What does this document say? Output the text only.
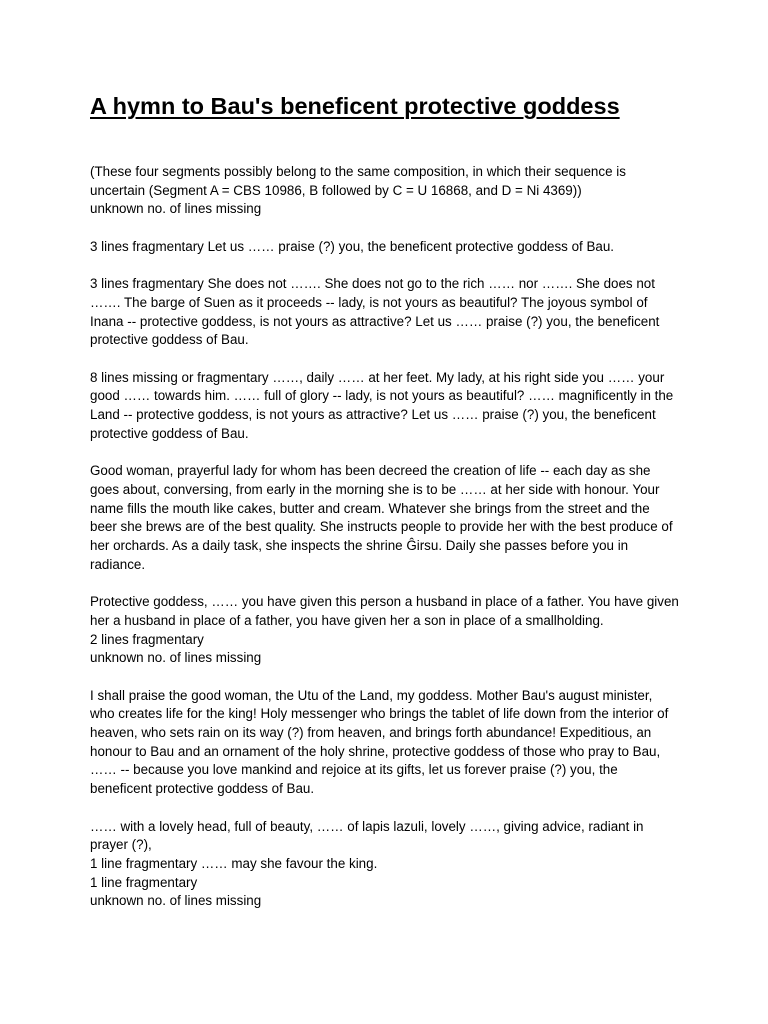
A hymn to Bau's beneficent protective goddess

(These four segments possibly belong to the same composition, in which their sequence is uncertain (Segment A = CBS 10986, B followed by C = U 16868, and D = Ni 4369))
unknown no. of lines missing

3 lines fragmentary Let us …… praise (?) you, the beneficent protective goddess of Bau.

3 lines fragmentary She does not ……. She does not go to the rich …… nor ……. She does not ……. The barge of Suen as it proceeds -- lady, is not yours as beautiful? The joyous symbol of Inana -- protective goddess, is not yours as attractive? Let us …… praise (?) you, the beneficent protective goddess of Bau.

8 lines missing or fragmentary ……, daily …… at her feet. My lady, at his right side you …… your good …… towards him. …… full of glory -- lady, is not yours as beautiful? …… magnificently in the Land -- protective goddess, is not yours as attractive? Let us …… praise (?) you, the beneficent protective goddess of Bau.

Good woman, prayerful lady for whom has been decreed the creation of life -- each day as she goes about, conversing, from early in the morning she is to be …… at her side with honour. Your name fills the mouth like cakes, butter and cream. Whatever she brings from the street and the beer she brews are of the best quality. She instructs people to provide her with the best produce of her orchards. As a daily task, she inspects the shrine Ĝirsu. Daily she passes before you in radiance.

Protective goddess, …… you have given this person a husband in place of a father. You have given her a husband in place of a father, you have given her a son in place of a smallholding.
2 lines fragmentary
unknown no. of lines missing

I shall praise the good woman, the Utu of the Land, my goddess. Mother Bau's august minister, who creates life for the king! Holy messenger who brings the tablet of life down from the interior of heaven, who sets rain on its way (?) from heaven, and brings forth abundance! Expeditious, an honour to Bau and an ornament of the holy shrine, protective goddess of those who pray to Bau, …… -- because you love mankind and rejoice at its gifts, let us forever praise (?) you, the beneficent protective goddess of Bau.

…… with a lovely head, full of beauty, …… of lapis lazuli, lovely ……, giving advice, radiant in prayer (?),
1 line fragmentary …… may she favour the king.
1 line fragmentary
unknown no. of lines missing
